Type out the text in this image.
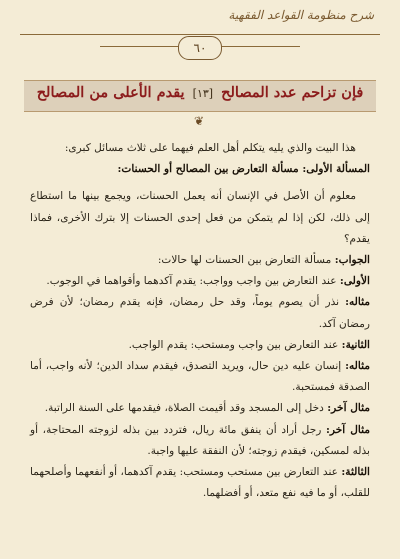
شرح منظومة القواعد الفقهية
٦٠
فإن تزاحم عدد المصالح [١٣] يقدم الأعلى من المصالح
❦

هذا البيت والذي يليه يتكلم أهل العلم فيهما على ثلاث مسائل كبرى:

المسألة الأولى: مسألة التعارض بين المصالح أو الحسنات:

معلوم أن الأصل في الإنسان أنه يعمل الحسنات، ويجمع بينها ما استطاع إلى ذلك، لكن إذا لم يتمكن من فعل إحدى الحسنات إلا بترك الأخرى، فماذا يقدم؟

الجواب: مسألة التعارض بين الحسنات لها حالات:

الأولى: عند التعارض بين واجب وواجب: يقدم آكدهما وأقواهما في الوجوب.

مثاله: نذر أن يصوم يوماً، وقد حل رمضان، فإنه يقدم رمضان؛ لأن فرض رمضان آكد.

الثانية: عند التعارض بين واجب ومستحب: يقدم الواجب.

مثاله: إنسان عليه دين حال، ويريد التصدق، فيقدم سداد الدين؛ لأنه واجب، أما الصدقة فمستحبة.

مثال آخر: دخل إلى المسجد وقد أقيمت الصلاة، فيقدمها على السنة الراتبة.

مثال آخر: رجل أراد أن ينفق مائة ريال، فتردد بين بذله لزوجته المحتاجة، أو بذله لمسكين، فيقدم زوجته؛ لأن النفقة عليها واجبة.

الثالثة: عند التعارض بين مستحب ومستحب: يقدم آكدهما، أو أنفعهما وأصلحهما للقلب، أو ما فيه نفع متعد، أو أفضلهما.
